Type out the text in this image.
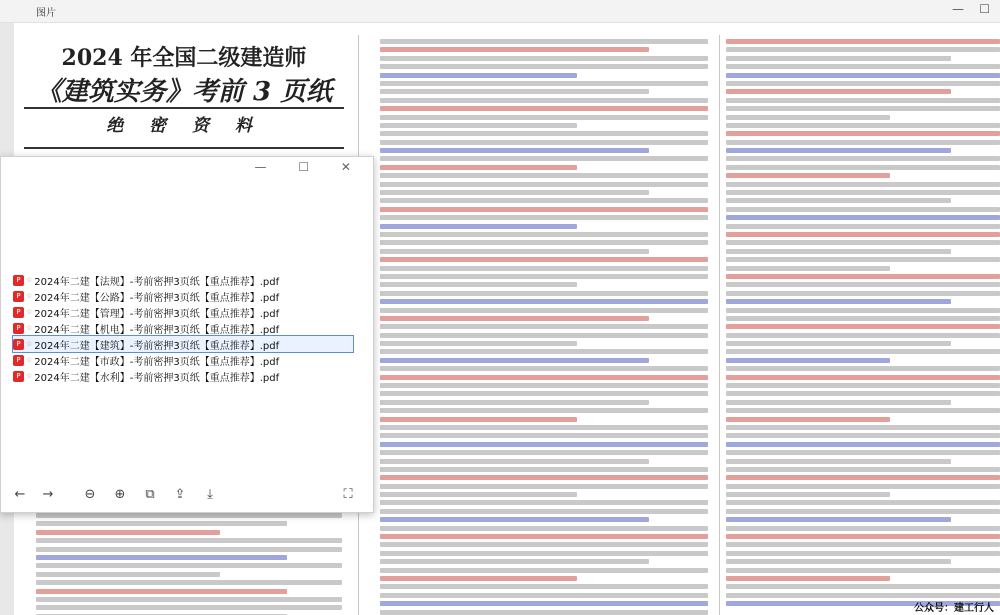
图片	— ☐
2024 年全国二级建造师
《建筑实务》考前 3 页纸
绝 密 资 料
公众号：建工行人
— ☐ ✕
P ☆ 2024年二建【法规】-考前密押3页纸【重点推荐】.pdf
P ☆ 2024年二建【公路】-考前密押3页纸【重点推荐】.pdf
P ☆ 2024年二建【管理】-考前密押3页纸【重点推荐】.pdf
P ☆ 2024年二建【机电】-考前密押3页纸【重点推荐】.pdf
P ☆ 2024年二建【建筑】-考前密押3页纸【重点推荐】.pdf
P ☆ 2024年二建【市政】-考前密押3页纸【重点推荐】.pdf
P ☆ 2024年二建【水利】-考前密押3页纸【重点推荐】.pdf
← → ⊖ ⊕	⧉	⇪	⤓	⛶
